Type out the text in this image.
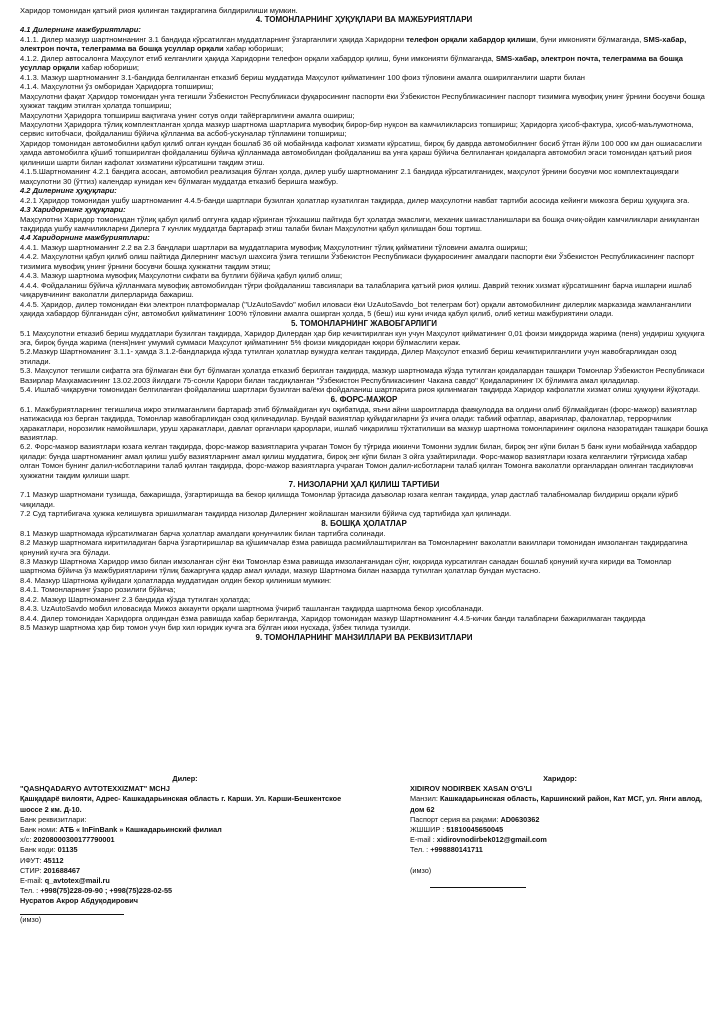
Харидор томонидан қатъий риоя қилинган тақдиргагина билдирилиши мумкин.

4. ТОМОНЛАРНИНГ ҲУҚУҚЛАРИ ВА МАЖБУРИЯТЛАРИ

4.1 Дилернинг мажбуриятлари:

4.1.1. Дилер мазкур шартномнанинг 3.1 бандида кўрсатилган муддатларнинг ўзгарганлиги ҳақида Харидорни телефон орқали хабардор қилиши, буни имконияти бўлмаганда, SMS-хабар, электрон почта, телеграмма ва бошқа усуллар орқали хабар юбориши;

4.1.2. Дилер автосалонга Маҳсулот етиб келганлиги ҳақида Харидорни телефон орқали хабардор қилиш, буни имконияти бўлмаганда, SMS-хабар, электрон почта, телеграмма ва бошқа усуллар орқали хабар юбориши;

4.1.3. Мазкур шартноманинг 3.1-бандида белгиланган етказиб бериш муддатида Маҳсулот қийматининг 100 фоиз тўловини амалга оширилганлиги шарти билан

4.1.4. Маҳсулотни ўз омборидан Ҳаридорга топшириш;

Маҳсулотни фақат Ҳаридор томонидан унга тегишли Ўзбекистон Республикаси фуқаросининг паспорти ёки Ўзбекистон Республикасининг паспорт тизимига мувофиқ унинг ўрнини босувчи бошқа ҳужжат тақдим этилган ҳолатда топшириш;

Маҳсулотни Ҳаридорга топшириш вақтигача унинг сотув олди тайёргарлигини амалга ошириш;

Маҳсулотни Ҳаридорга тўлиқ комплектланган ҳолда мазкур шартнома шартларига мувофиқ бирор-бир нуқсон ва камчиликларсиз топшириш; Ҳаридорга ҳисоб-фактура, ҳисоб-маълумотнома, сервис китобчаси, фойдаланиш бўйича қўлланма ва асбоб-ускуналар тўпламини топшириш;

Ҳаридор томонидан автомобилни қабул қилиб олган кундан бошлаб 36 ой мобайнида кафолат хизмати кўрсатиш, бироқ бу даврда автомобилнинг босиб ўтган йўли 100 000 км дан ошиасаслиги ҳамда автомобилга қўшиб топширилган фойдаланиш бўйича қўлланмада автомобилдан фойдаланиш ва унга қараш бўйича белгиланган қоидаларга автомобил эгаси томонидан қатъий риоя қилиниши шарти билан кафолат хизматини кўрсатишни тақдим этиш.

4.1.5.Шартноманинг 4.2.1 бандига асосан, автомобил реализация бўлган ҳолда, дилер ушбу шартноманинг 2.1 бандида кўрсатилганидек, маҳсулот ўрнини босувчи мос комплектациядаги маҳсулотни 30 (ўттиз) календар кунидан кеч бўлмаган муддатда етказиб беришга мажбур.

4.2 Дилернинг ҳуқуқлари:

4.2.1 Ҳаридор томонидан ушбу шартноманинг 4.4.5-банди шартлари бузилган ҳолатлар кузатилган тақдирда, дилер маҳсулотни навбат тартиби асосида кейинги мижозга бериш ҳуқуқига эга.

4.3 Харидорнинг ҳуқуқлари:

Маҳсулотни Харидор томонидан тўлиқ қабул қилиб олгунга қадар кўринган тўхкашиш пайтида бут ҳолатда эмаслиги, механик шикастланишлари ва бошқа очиқ-ойдин камчиликлари аниқланган тақдирда ушбу камчиликларни Дилерга 7 кунлик муддатда бартараф этиш талаби билан Маҳсулотни қабул қилишдан бош тортиш.

4.4 Харидорнинг мажбуриятлари:

4.4.1. Мазкур шартноманинг 2.2 ва 2.3 бандлари шартлари ва муддатларига мувофиқ Маҳсулотнинг тўлиқ қийматини тўловини амалга ошириш;

4.4.2. Маҳсулотни қабул қилиб олиш пайтида Дилернинг масъул шахсига ўзига тегишли Ўзбекистон Республикаси фуқаросининг амалдаги паспорти ёки Ўзбекистон Республикасининг паспорт тизимига мувофиқ унинг ўрнини босувчи бошқа ҳужжатни тақдим этиш;

4.4.3. Мазкур шартнома мувофиқ Маҳсулотни сифати ва бутлиги бўйича қабул қилиб олиш;

4.4.4. Фойдаланиш бўйича қўлланмага мувофиқ автомобилдан тўғри фойдаланиш тавсиялари ва талабларига қатъий риоя қилиш. Даврий техник хизмат кўрсатишнинг барча ишларни ишлаб чиқарувчининг ваколатли дилерларида бажариш.

4.4.5. Ҳаридор, дилер томонидан ёки электрон платформалар ("UzAutoSavdo" мобил иловаси ёки UzAutoSavdo_bot телеграм бот) орқали автомобилнинг дилерлик марказида жамланганлиги ҳақида хабардор бўлганидан сўнг, автомобил қийматининг 100% тўловини амалга оширган ҳолда, 5 (беш) иш куни ичида қабул қилиб, олиб кетиш мажбуриятини олади.

5. ТОМОНЛАРНИНГ ЖАВОБГАРЛИГИ

5.1 Маҳсулотни етказиб бериш муддатлари бузилган тақдирда, Харидор Дилердан ҳар бир кечиктирилган кун учун Маҳсулот қийматининг 0,01 фоизи миқдорида жарима (пеня) ундириш ҳуқуқига эга, бироқ бунда жарима (пеня)нинг умумий суммаси Маҳсулот қийматининг 5% фоизи миқдоридан юқори бўлмаслиги керак.

5.2.Мазкур Шартноманинг 3.1.1- ҳамда 3.1.2-бандларида кўзда тутилган ҳолатлар вужудга келган тақдирда, Дилер Маҳсулот етказиб бериш кечиктирилганлиги учун жавобгарликдан озод этилади.

5.3. Маҳсулот тегишли сифатга эга бўлмаган ёки бут бўлмаган ҳолатда етказиб берилган тақдирда, мазкур шартномада кўзда тутилган қоидалардан ташқари Томонлар Ўзбекистон Республикаси Вазирлар Маҳкамасининг 13.02.2003 йилдаги 75-сонли Қарори билан тасдиқланган "Ўзбекистон Республикасининг Чакана савдо" Қоидаларининг IX бўлимига амал қиладилар.

5.4. Ишлаб чиқарувчи томонидан белгиланган фойдаланиш шартлари бузилган ва/ёки фойдаланиш шартларига риоя қилинмаган тақдирда Харидор кафолатли хизмат олиш ҳуқуқини йўқотади.

6. ФОРС-МАЖОР

6.1. Мажбуриятларнинг тегишлича ижро этилмаганлиги бартараф этиб бўлмайдиган куч оқибатида, яъни айни шароитларда фавқулодда ва олдини олиб бўлмайдиган (форс-мажор) вазиятлар натижасида юз берган тақдирда, Томонлар жавобгарликдан озод қилинадилар. Бундай вазиятлар қуйидагиларни ўз ичига олади: табиий офатлар, авариялар, фалокатлар, террорчилик ҳаракатлари, норозилик намойишлари, уруш ҳаракатлари, давлат органлари қарорлари, ишлаб чиқарилиш тўхтатилиши ва мазкур шартнома томонларининг оқилона назоратидан ташқари бошқа вазиятлар.

6.2. Форс-мажор вазиятлари юзага келган тақдирда, форс-мажор вазиятларига учраган Томон бу тўғрида иккинчи Томонни зудлик билан, бироқ энг кўпи билан 5 банк куни мобайнида хабардор қилади: бунда шартноманинг амал қилиш ушбу вазиятларнинг амал қилиш муддатига, бироқ энг кўпи билан 3 ойга узайтирилади. Форс-мажор вазиятлари юзага келганлиги тўғрисида хабар олган Томон бунинг далил-исботларини талаб қилган тақдирда, форс-мажор вазиятларга учраган Томон далил-исботларни талаб қилган Томонга ваколатли органлардан олинган тасдиқловчи ҳужжатни тақдим қилиши шарт.

7. НИЗОЛАРНИ ҲАЛ ҚИЛИШ ТАРТИБИ

7.1 Мазкур шартномани тузишда, бажаришда, ўзгартиришда ва бекор қилишда Томонлар ўртасида даъволар юзага келган тақдирда, улар дастлаб талабномалар билдириш орқали кўриб чиқилади.

7.2 Суд тартибигача ҳужжа келишувга эришилмаган тақдирда низолар Дилернинг жойлашган манзили бўйича суд тартибида ҳал қилинади.

8. БОШҚА ҲОЛАТЛАР

8.1 Мазкур шартномада кўрсатилмаган барча ҳолатлар амалдаги қонунчилик билан тартибга солинади.

8.2 Мазкур шартномага киритиладиган барча ўзгартиришлар ва қўшимчалар ёзма равишда расмийлаштирилган ва Томонларнинг ваколатли вакиллари томонидан имзоланган тақдирдагина қонуний кучга эга бўлади.

8.3 Мазкур Шартнома Харидор имзо билан имзоланган сўнг ёки Томонлар ёзма равишда имзоланганидан сўнг, юқорида курсатилган санадан бошлаб қонуний кучга кириди ва Томонлар шартнома бўйича ўз мажбуриятларини тўлиқ бажаргунга қадар амал қилади, мазкур Шартнома билан назарда тутилган ҳолатлар бундан мустасно.

8.4. Мазкур Шартнома қуйидаги ҳолатларда муддатидан олдин бекор қилиниши мумкин:

8.4.1. Томонларнинг ўзаро розилиги бўйича;

8.4.2. Мазкур Шартноманинг 2.3 бандида кўзда тутилган ҳолатда;

8.4.3. UzAutoSavdo мобил иловасида Мижоз аккаунти орқали шартнома ўчириб ташланган тақдирда шартнома бекор ҳисобланади.

8.4.4. Дилер томонидан Харидорга олдиндан ёзма равишда хабар берилганда, Харидор томонидан мазкур Шартноманинг 4.4.5-кичик банди талабларни бажарилмаган тақдирда

8.5 Мазкур шартнома ҳар бир томон учун бир хил юридик кучга эга бўлган икки нусхада, ўзбек тилида тузилди.

9. ТОМОНЛАРНИНГ МАНЗИЛЛАРИ ВА РЕКВИЗИТЛАРИ

Дилер:
"QASHQADARYO AVTOTEXXIZMAT" MCHJ
Қашқадарё вилояти, Адрес- Кашкадарьинская область г. Карши. Ул. Карши-Бешкентское шоссе 2 км. Д-10.
Банк реквизитлари:
Банк номи: АТБ « InFinBank » Кашкадарьинский филиал
х/с: 20208000300177790001
Банк коди: 01135
ИФУТ: 45112
СТИР: 201688467
E-mail: q_avtotex@mail.ru
Тел. : +998(75)228-09-90 ; +998(75)228-02-55
Нусратов Акрор Абдуқодирович
(имзо)
Харидор:
XIDIROV NODIRBEK XASAN O'G'LI
Манзил: Кашкадарьинская область, Каршинский район, Кат МСГ, ул. Янги авлод, дом 62
Паспорт серия ва рақами: AD0630362
ЖШШИР : 51810045650045
E-mail : xidirovnodirbek012@gmail.com
Тел. : +998880141711
(имзо)
